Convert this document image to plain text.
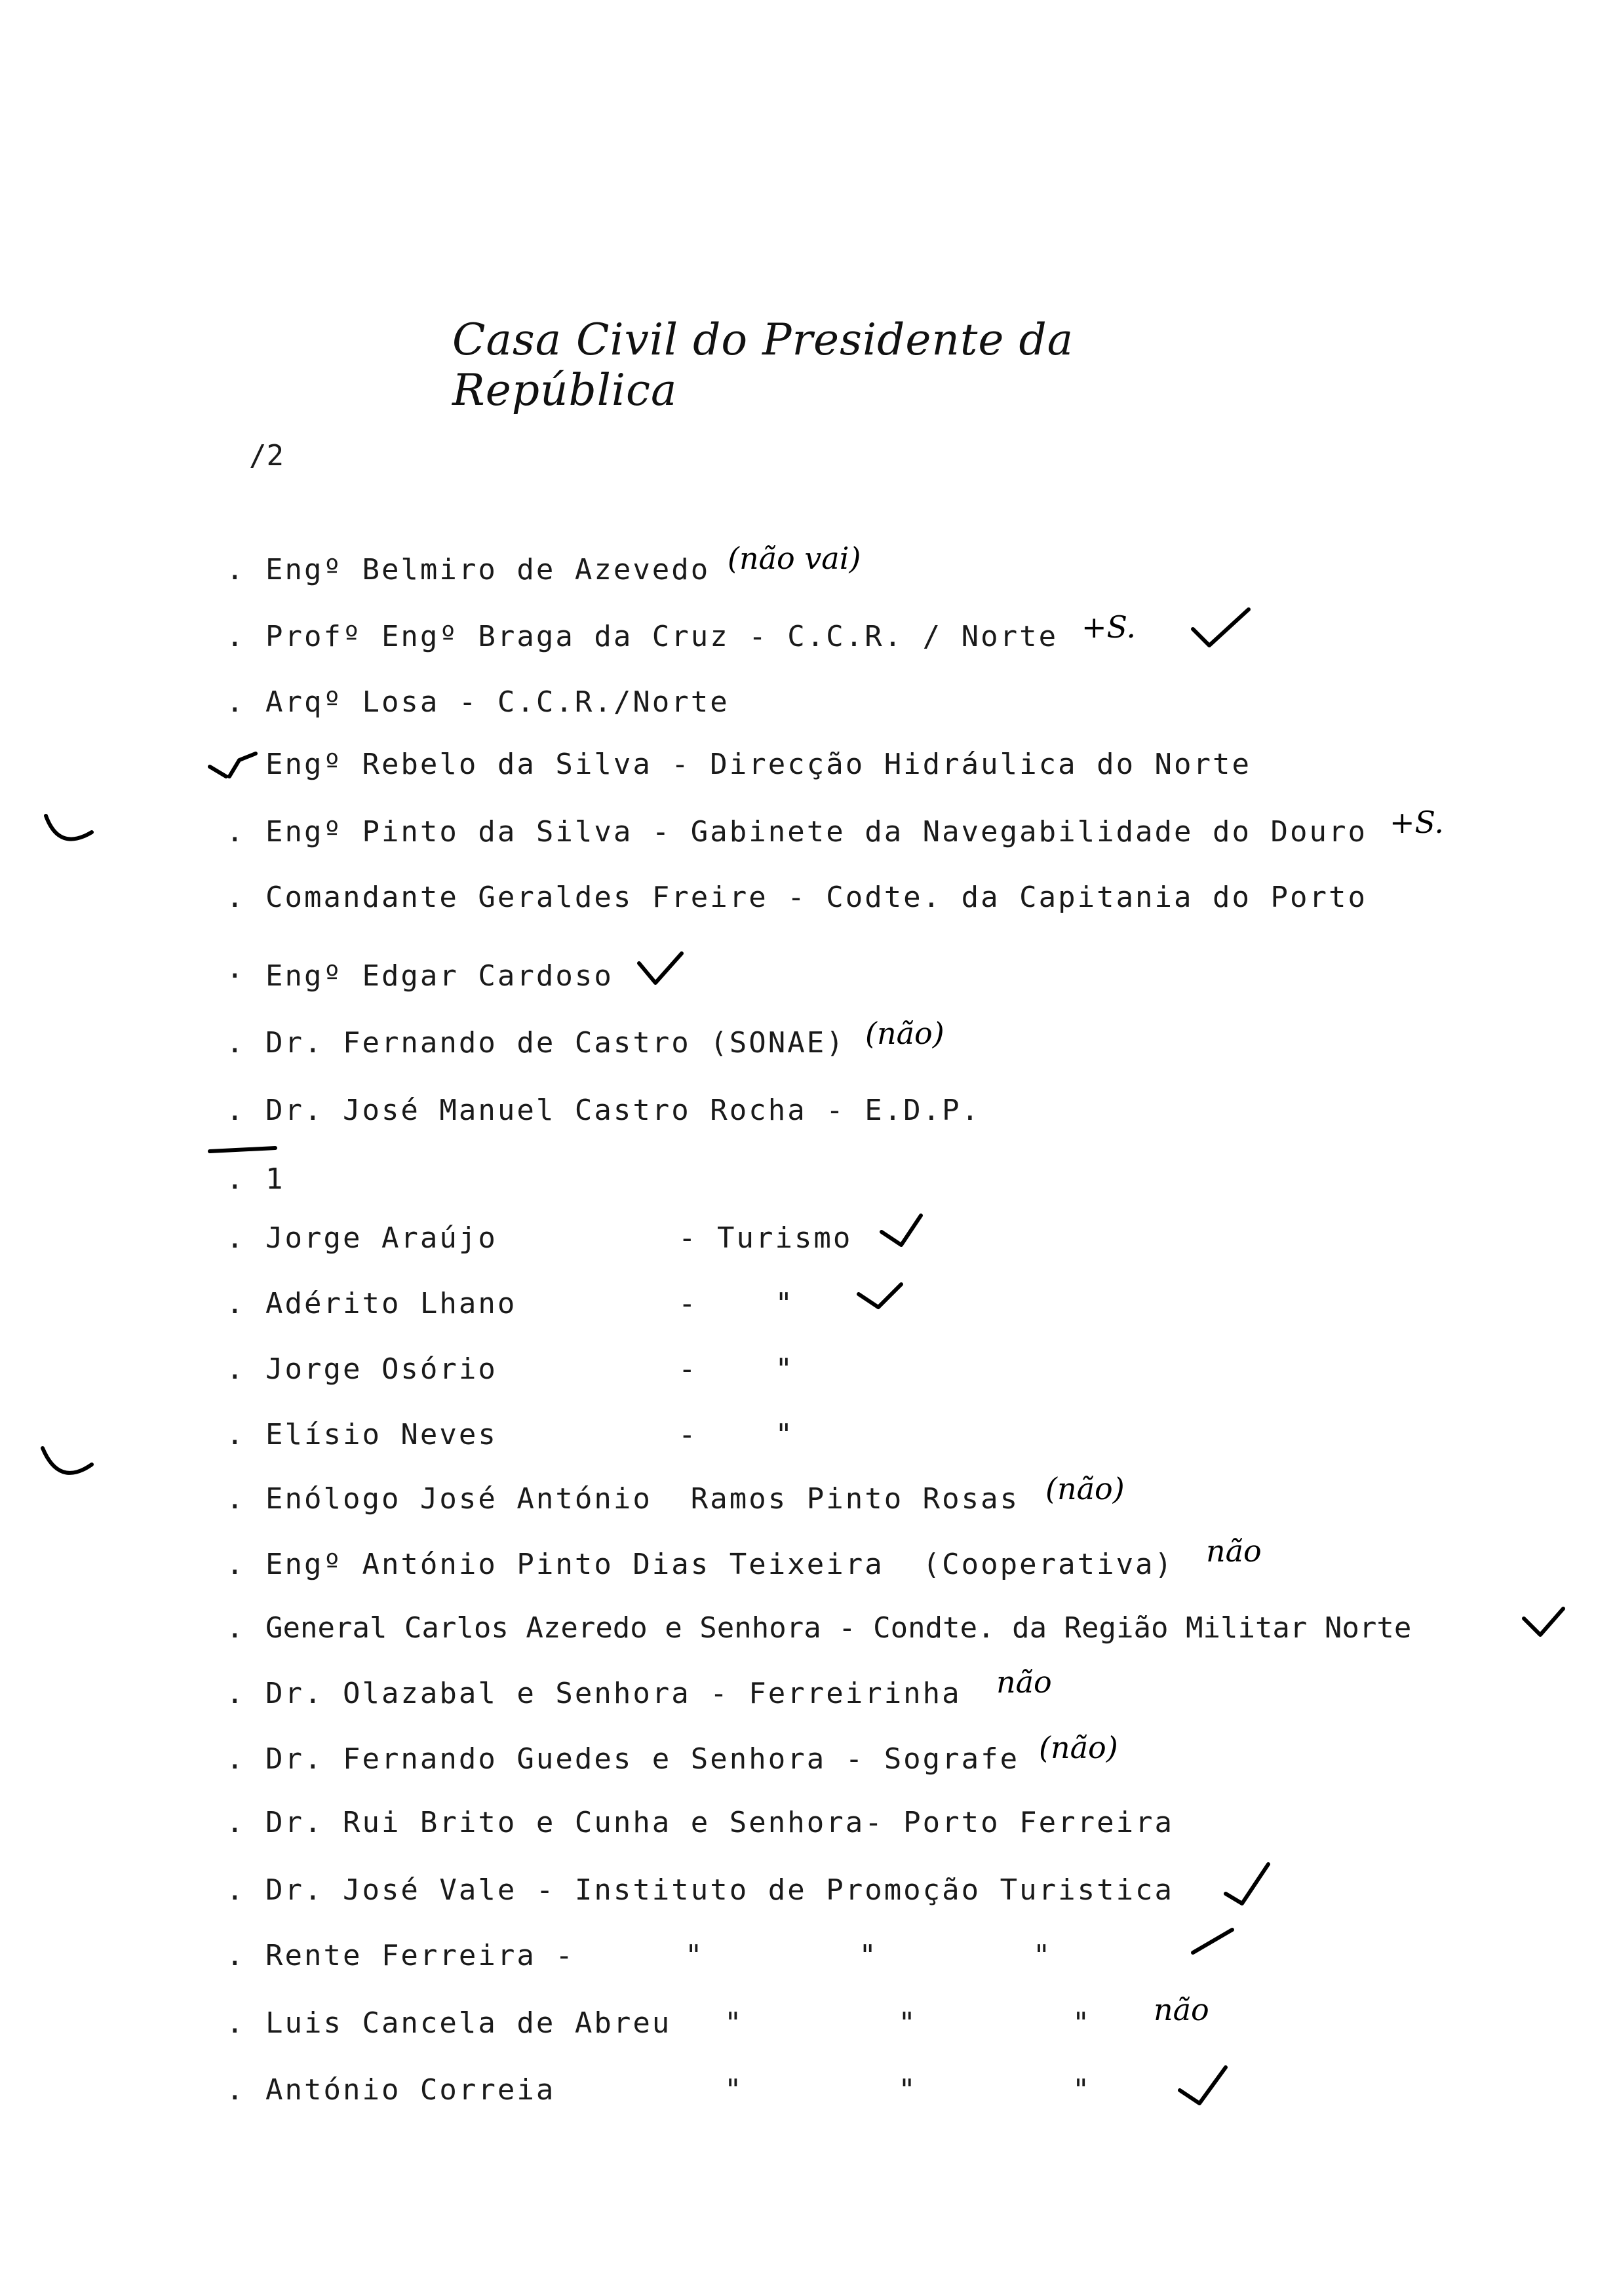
Casa Civil do Presidente da República
/2
. Engº Belmiro de Azevedo
. Profº Engº Braga da Cruz - C.C.R. / Norte
. Arqº Losa - C.C.R./Norte
Engº Rebelo da Silva - Direcção Hidráulica do Norte
. Engº Pinto da Silva - Gabinete da Navegabilidade do Douro
. Comandante Geraldes Freire - Codte. da Capitania do Porto
· Engº Edgar Cardoso
. Dr. Fernando de Castro (SONAE)
. Dr. José Manuel Castro Rocha - E.D.P.
. 1
. Jorge Araújo	- Turismo
. Adérito Lhano	-    "
. Jorge Osório	-    "
. Elísio Neves	-    "
. Enólogo José António  Ramos Pinto Rosas
. Engº António Pinto Dias Teixeira  (Cooperativa)
. General Carlos Azeredo e Senhora - Condte. da Região Militar Norte
. Dr. Olazabal e Senhora - Ferreirinha
. Dr. Fernando Guedes e Senhora - Sografe
. Dr. Rui Brito e Cunha e Senhora- Porto Ferreira
. Dr. José Vale - Instituto de Promoção Turistica
. Rente Ferreira -	"        "        "
. Luis Cancela de Abreu "        "        "
. António Correia	"        "        "
(não vai)
+S.
+S.
(não)
(não)
não
não
(não)
não
